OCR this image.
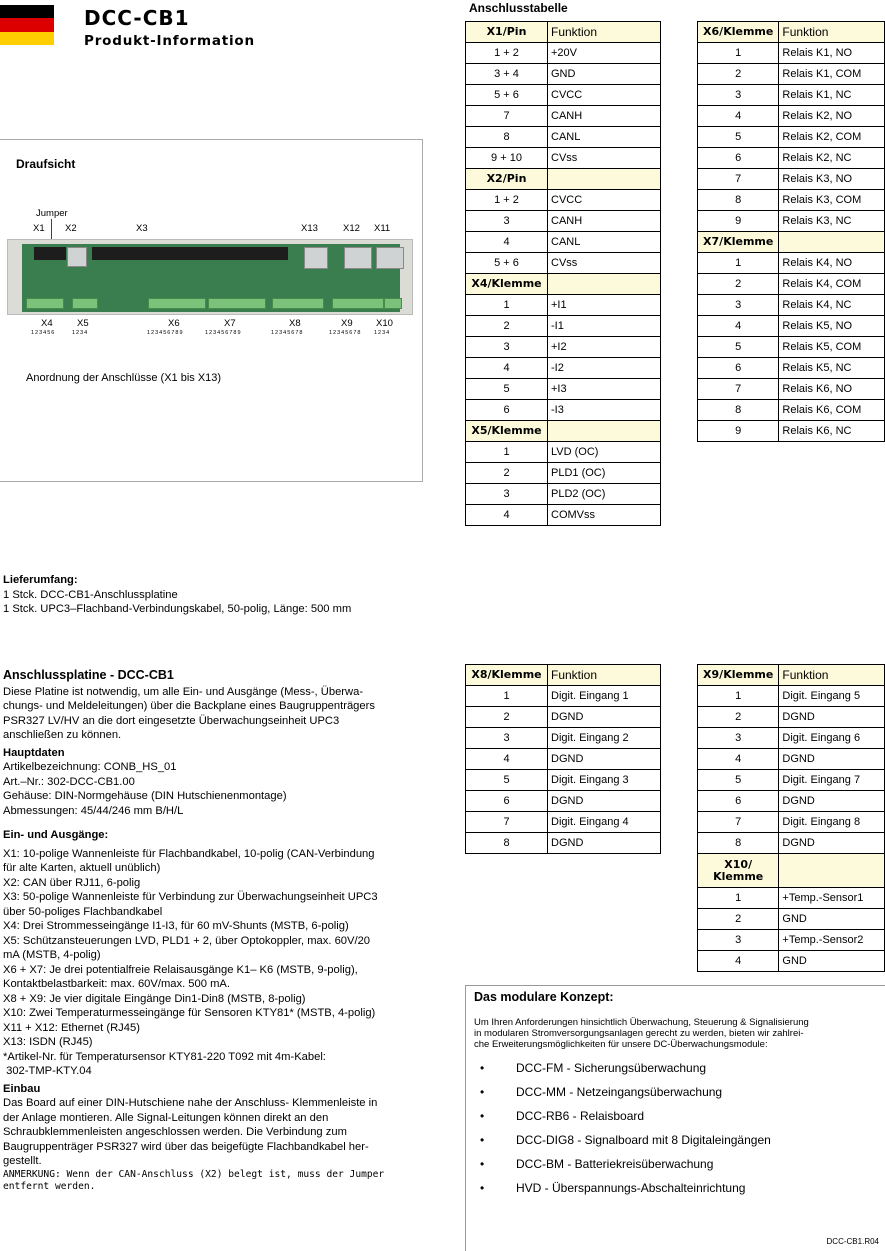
DCC-CB1
Produkt-Information
Draufsicht
Jumper
X1 X2	X3	X13	X12 X11
X4	X5	X6	X7	X8	X9 X10
123456	1234	123456789	123456789	12345678	12345678 1234
Anordnung der Anschlüsse (X1 bis X13)
Anschlusstabelle
X1/Pin	Funktion
1 + 2	+20V
3 + 4	GND
5 + 6	CVCC
7	CANH
8	CANL
9 + 10	CVss
X2/Pin	
1 + 2	CVCC
3	CANH
4	CANL
5 + 6	CVss
X4/Klemme	
1	+I1
2	-I1
3	+I2
4	-I2
5	+I3
6	-I3
X5/Klemme	
1	LVD (OC)
2	PLD1 (OC)
3	PLD2 (OC)
4	COMVss
X6/Klemme	Funktion
1	Relais K1, NO
2	Relais K1, COM
3	Relais K1, NC
4	Relais K2, NO
5	Relais K2, COM
6	Relais K2, NC
7	Relais K3, NO
8	Relais K3, COM
9	Relais K3, NC
X7/Klemme	
1	Relais K4, NO
2	Relais K4, COM
3	Relais K4, NC
4	Relais K5, NO
5	Relais K5, COM
6	Relais K5, NC
7	Relais K6, NO
8	Relais K6, COM
9	Relais K6, NC
X8/Klemme	Funktion
1	Digit. Eingang 1
2	DGND
3	Digit. Eingang 2
4	DGND
5	Digit. Eingang 3
6	DGND
7	Digit. Eingang 4
8	DGND
X9/Klemme	Funktion
1	Digit. Eingang 5
2	DGND
3	Digit. Eingang 6
4	DGND
5	Digit. Eingang 7
6	DGND
7	Digit. Eingang 8
8	DGND
X10/
Klemme	
1	+Temp.-Sensor1
2	GND
3	+Temp.-Sensor2
4	GND
Lieferumfang:
1 Stck. DCC-CB1-Anschlussplatine
1 Stck. UPC3–Flachband-Verbindungskabel, 50-polig, Länge: 500 mm
Anschlussplatine - DCC-CB1
Diese Platine ist notwendig, um alle Ein- und Ausgänge (Mess-, Überwa-
chungs- und Meldeleitungen) über die Backplane eines Baugruppenträgers
PSR327 LV/HV an die dort eingesetzte Überwachungseinheit UPC3
anschließen zu können.
Hauptdaten
Artikelbezeichnung: CONB_HS_01
Art.–Nr.: 302-DCC-CB1.00
Gehäuse: DIN-Normgehäuse (DIN Hutschienenmontage)
Abmessungen: 45/44/246 mm B/H/L
Ein- und Ausgänge:
X1: 10-polige Wannenleiste für Flachbandkabel, 10-polig (CAN-Verbindung
für alte Karten, aktuell unüblich)
X2: CAN über RJ11, 6-polig
X3: 50-polige Wannenleiste für Verbindung zur Überwachungseinheit UPC3
über 50-poliges Flachbandkabel
X4: Drei Strommesseingänge I1-I3, für 60 mV-Shunts (MSTB, 6-polig)
X5: Schützansteuerungen LVD, PLD1 + 2, über Optokoppler, max. 60V/20
mA (MSTB, 4-polig)
X6 + X7: Je drei potentialfreie Relaisausgänge K1– K6 (MSTB, 9-polig),
Kontaktbelastbarkeit: max. 60V/max. 500 mA.
X8 + X9: Je vier digitale Eingänge Din1-Din8 (MSTB, 8-polig)
X10: Zwei Temperaturmesseingänge für Sensoren KTY81* (MSTB, 4-polig)
X11 + X12: Ethernet (RJ45)
X13: ISDN (RJ45)
*Artikel-Nr. für Temperatursensor KTY81-220 T092 mit 4m-Kabel:
302-TMP-KTY.04
Einbau
Das Board auf einer DIN-Hutschiene nahe der Anschluss- Klemmenleiste in
der Anlage montieren. Alle Signal-Leitungen können direkt an den
Schraubklemmenleisten angeschlossen werden. Die Verbindung zum
Baugruppenträger PSR327 wird über das beigefügte Flachbandkabel her-
gestellt.
ANMERKUNG: Wenn der CAN-Anschluss (X2) belegt ist, muss der Jumper
entfernt werden.
Das modulare Konzept:
Um Ihren Anforderungen hinsichtlich Überwachung, Steuerung & Signalisierung
in modularen Stromversorgungsanlagen gerecht zu werden, bieten wir zahlrei-
che Erweiterungsmöglichkeiten für unsere DC-Überwachungsmodule:
•	DCC-FM - Sicherungsüberwachung
•	DCC-MM - Netzeingangsüberwachung
•	DCC-RB6 - Relaisboard
•	DCC-DIG8 - Signalboard mit 8 Digitaleingängen
•	DCC-BM - Batteriekreisüberwachung
•	HVD - Überspannungs-Abschalteinrichtung
DCC-CB1.R04
